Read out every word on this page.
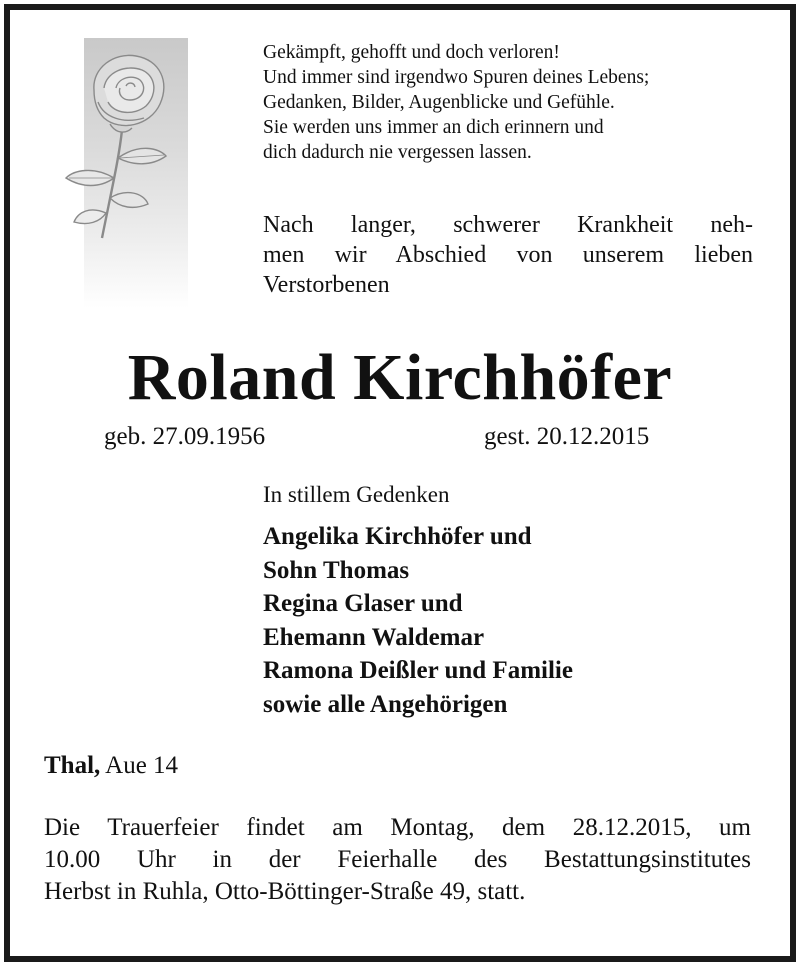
Gekämpft, gehofft und doch verloren!
Und immer sind irgendwo Spuren deines Lebens;
Gedanken, Bilder, Augenblicke und Gefühle.
Sie werden uns immer an dich erinnern und
dich dadurch nie vergessen lassen.
Nach langer, schwerer Krankheit neh-
men wir Abschied von unserem lieben
Verstorbenen
Roland Kirchhöfer
geb. 27.09.1956	gest. 20.12.2015
In stillem Gedenken
Angelika Kirchhöfer und
Sohn Thomas
Regina Glaser und
Ehemann Waldemar
Ramona Deißler und Familie
sowie alle Angehörigen
Thal, Aue 14
Die Trauerfeier findet am Montag, dem 28.12.2015, um
10.00 Uhr in der Feierhalle des Bestattungsinstitutes
Herbst in Ruhla, Otto-Böttinger-Straße 49, statt.
